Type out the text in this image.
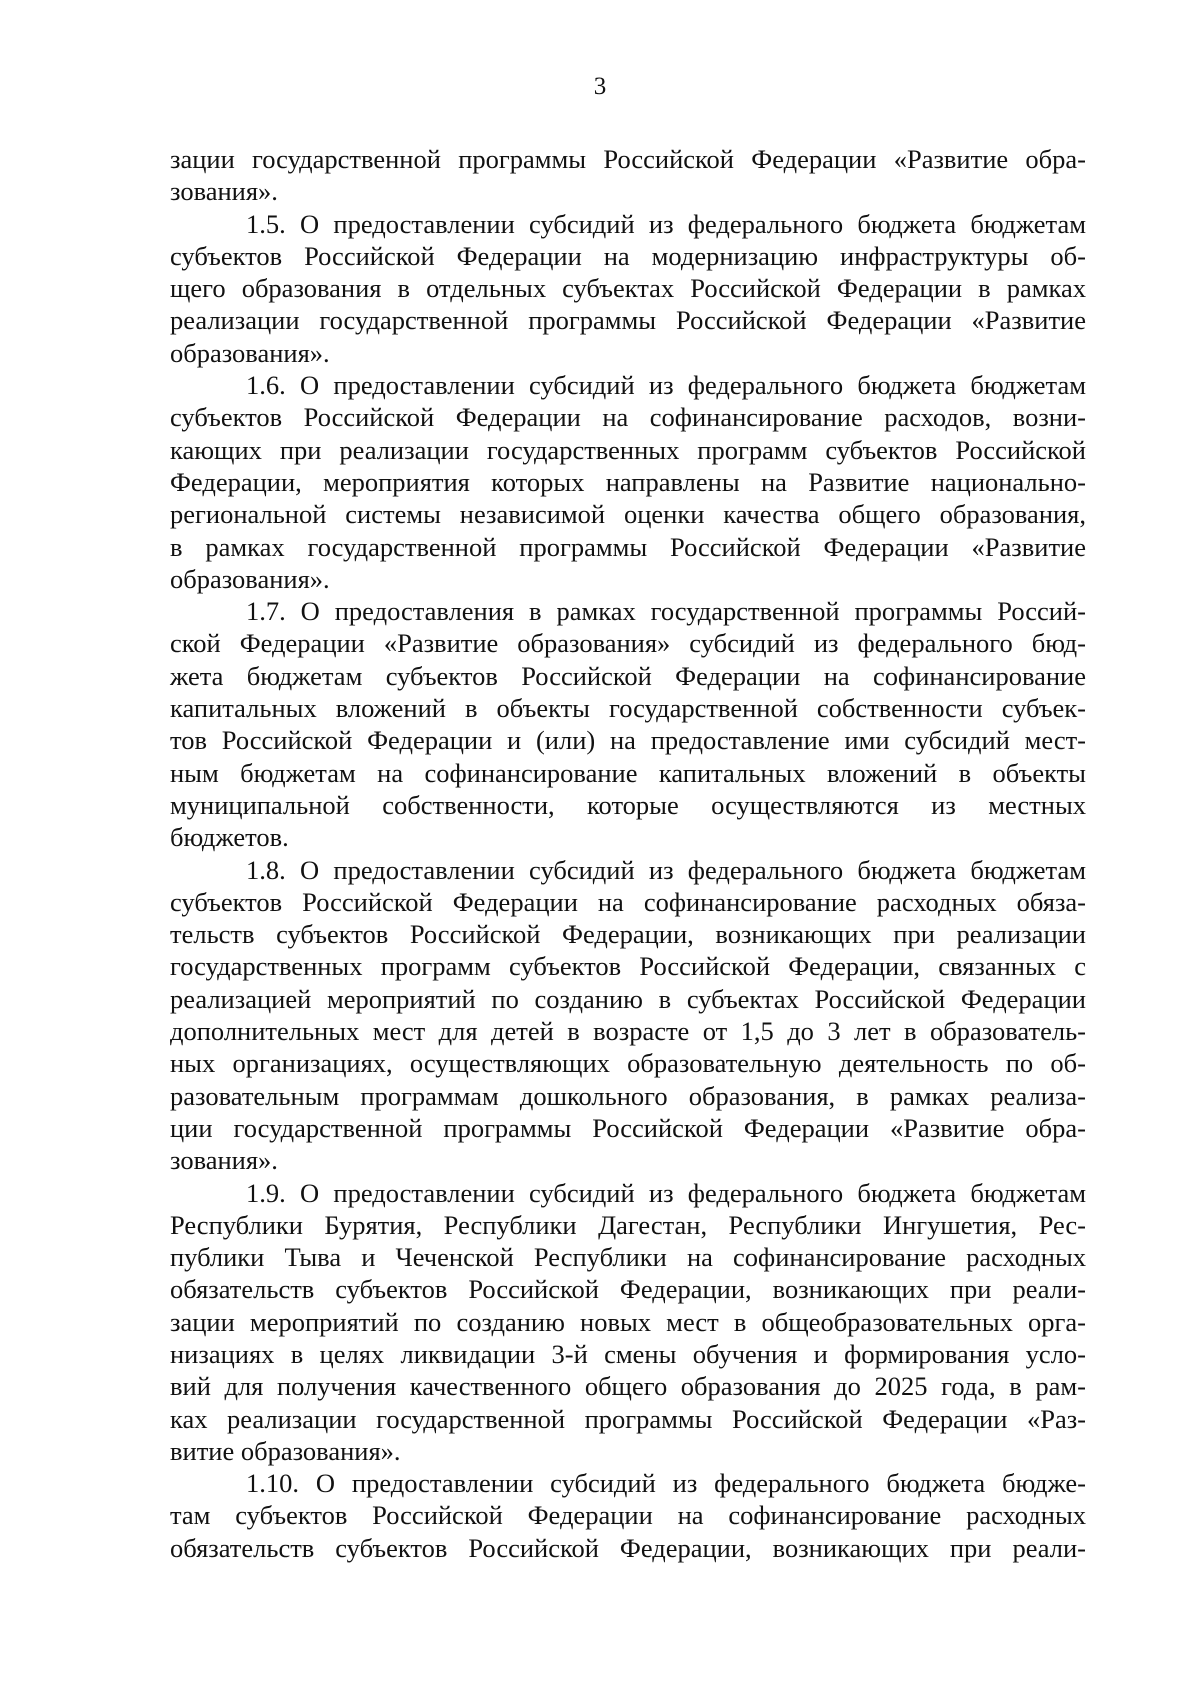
3
зации государственной программы Российской Федерации «Развитие обра-
зования».
1.5. О предоставлении субсидий из федерального бюджета бюджетам
субъектов Российской Федерации на модернизацию инфраструктуры об-
щего образования в отдельных субъектах Российской Федерации в рамках
реализации государственной программы Российской Федерации «Развитие
образования».
1.6. О предоставлении субсидий из федерального бюджета бюджетам
субъектов Российской Федерации на софинансирование расходов, возни-
кающих при реализации государственных программ субъектов Российской
Федерации, мероприятия которых направлены на Развитие национально-
региональной системы независимой оценки качества общего образования,
в рамках государственной программы Российской Федерации «Развитие
образования».
1.7. О предоставления в рамках государственной программы Россий-
ской Федерации «Развитие образования» субсидий из федерального бюд-
жета бюджетам субъектов Российской Федерации на софинансирование
капитальных вложений в объекты государственной собственности субъек-
тов Российской Федерации и (или) на предоставление ими субсидий мест-
ным бюджетам на софинансирование капитальных вложений в объекты
муниципальной собственности, которые осуществляются из местных
бюджетов.
1.8. О предоставлении субсидий из федерального бюджета бюджетам
субъектов Российской Федерации на софинансирование расходных обяза-
тельств субъектов Российской Федерации, возникающих при реализации
государственных программ субъектов Российской Федерации, связанных с
реализацией мероприятий по созданию в субъектах Российской Федерации
дополнительных мест для детей в возрасте от 1,5 до 3 лет в образователь-
ных организациях, осуществляющих образовательную деятельность по об-
разовательным программам дошкольного образования, в рамках реализа-
ции государственной программы Российской Федерации «Развитие обра-
зования».
1.9. О предоставлении субсидий из федерального бюджета бюджетам
Республики Бурятия, Республики Дагестан, Республики Ингушетия, Рес-
публики Тыва и Чеченской Республики на софинансирование расходных
обязательств субъектов Российской Федерации, возникающих при реали-
зации мероприятий по созданию новых мест в общеобразовательных орга-
низациях в целях ликвидации 3-й смены обучения и формирования усло-
вий для получения качественного общего образования до 2025 года, в рам-
ках реализации государственной программы Российской Федерации «Раз-
витие образования».
1.10. О предоставлении субсидий из федерального бюджета бюдже-
там субъектов Российской Федерации на софинансирование расходных
обязательств субъектов Российской Федерации, возникающих при реали-
